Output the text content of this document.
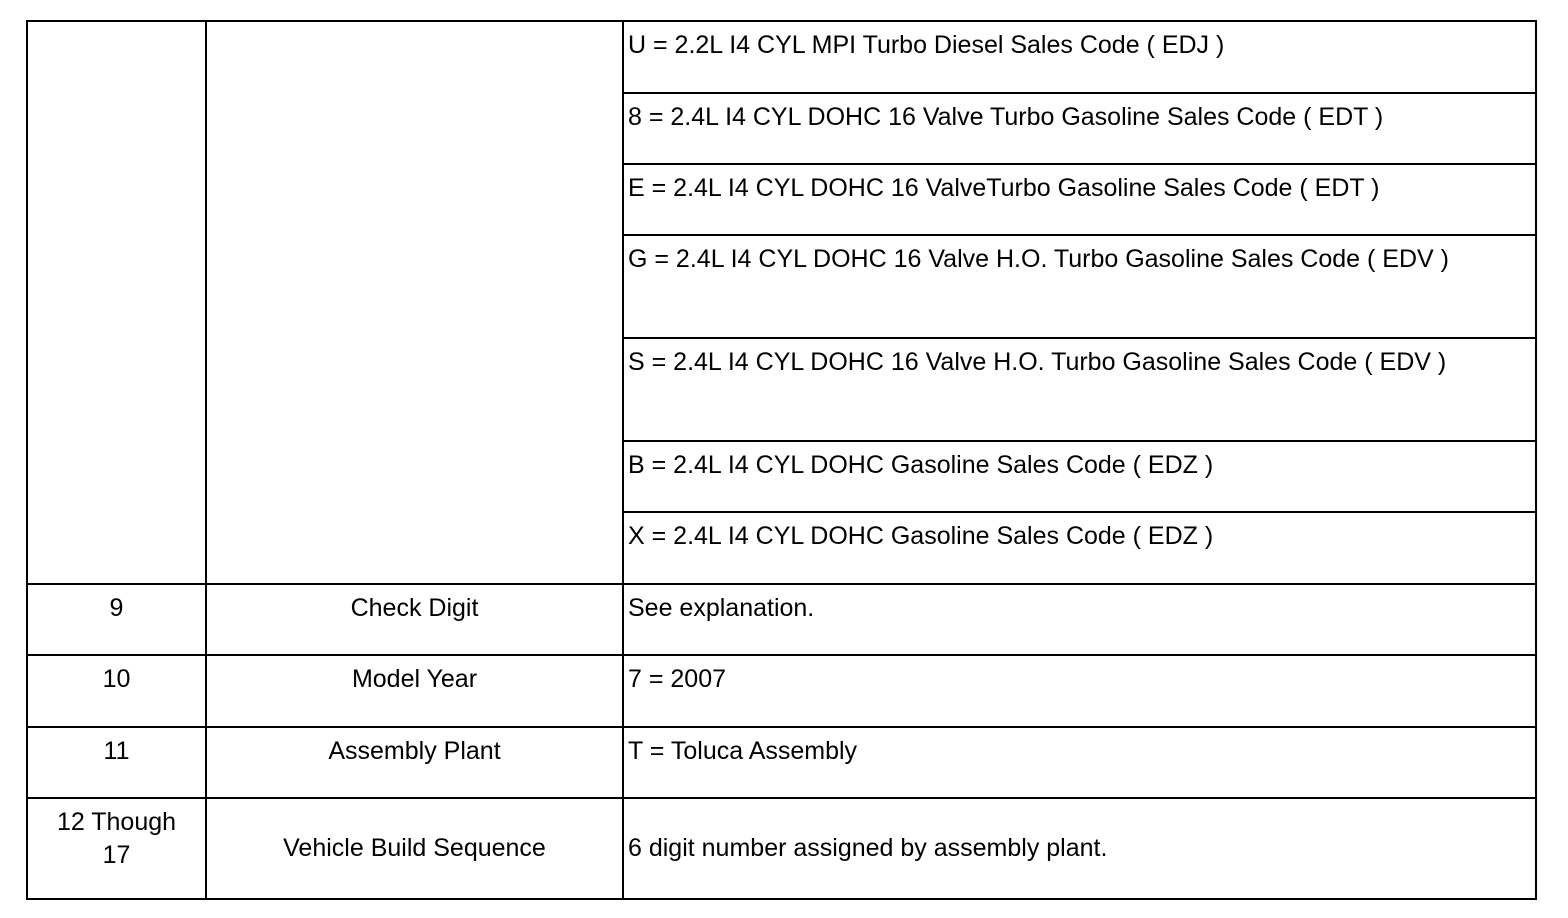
		U = 2.2L I4 CYL MPI Turbo Diesel Sales Code ( EDJ )
		8 = 2.4L I4 CYL DOHC 16 Valve Turbo Gasoline Sales Code ( EDT )
		E = 2.4L I4 CYL DOHC 16 ValveTurbo Gasoline Sales Code ( EDT )
		G = 2.4L I4 CYL DOHC 16 Valve H.O. Turbo Gasoline Sales Code ( EDV )
		S = 2.4L I4 CYL DOHC 16 Valve H.O. Turbo Gasoline Sales Code ( EDV )
		B = 2.4L I4 CYL DOHC Gasoline Sales Code ( EDZ )
		X = 2.4L I4 CYL DOHC Gasoline Sales Code ( EDZ )
9	Check Digit	See explanation.
10	Model Year	7 = 2007
11	Assembly Plant	T = Toluca Assembly
12 Though 17	Vehicle Build Sequence	6 digit number assigned by assembly plant.
